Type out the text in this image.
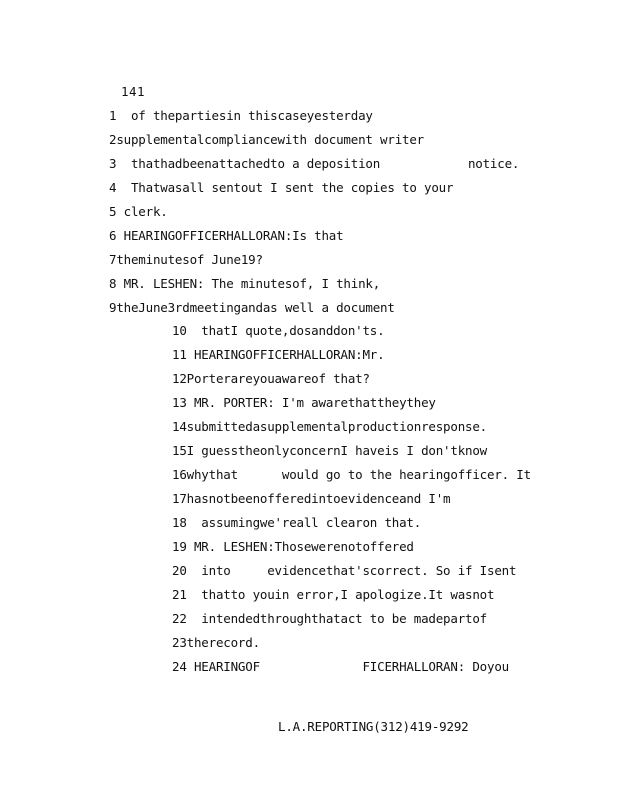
141
1  of thepartiesin thiscaseyesterday
2supplementalcompliancewith document writer
3  thathadbeenattachedto a deposition            notice.
4  Thatwasall sentout I sent the copies to your
5 clerk.
6 HEARINGOFFICERHALLORAN:Is that
7theminutesof June19?
8 MR. LESHEN: The minutesof, I think,
9theJune3rdmeetingandas well a document
10  thatI quote,dosanddon'ts.
11 HEARINGOFFICERHALLORAN:Mr.
12Porterareyouawareof that?
13 MR. PORTER: I'm awarethattheythey
14submittedasupplementalproductionresponse.
15I guesstheonlyconcernI haveis I don'tknow
16whythat      would go to the hearingofficer. It
17hasnotbeenofferedintoevidenceand I'm
18  assumingwe'reall clearon that.
19 MR. LESHEN:Thosewerenotoffered
20  into     evidencethat'scorrect. So if Isent
21  thatto youin error,I apologize.It wasnot
22  intendedthroughthatact to be madepartof
23therecord.
24 HEARINGOF              FICERHALLORAN: Doyou
L.A.REPORTING(312)419-9292
